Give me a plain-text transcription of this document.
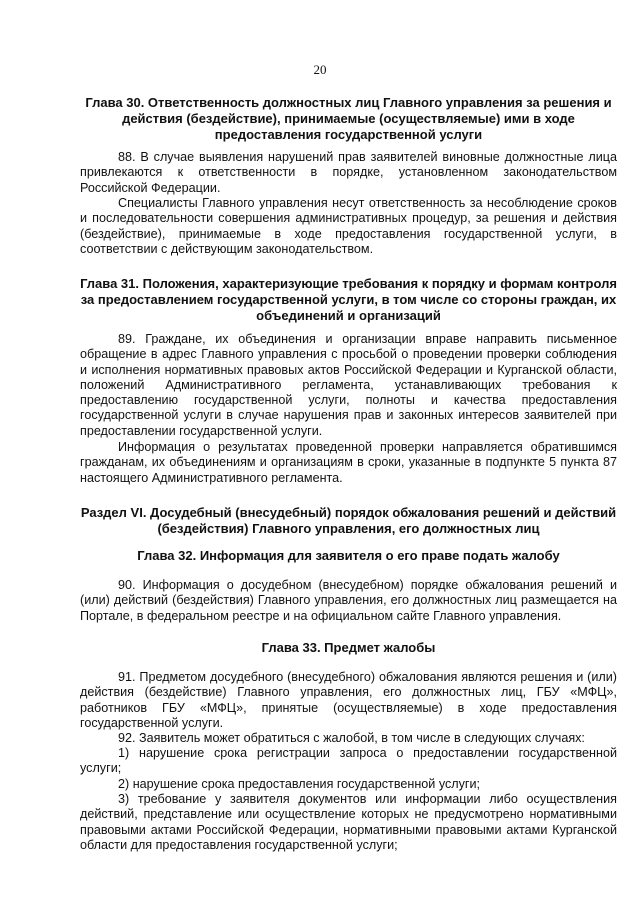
20
Глава 30. Ответственность должностных лиц Главного управления за решения и действия (бездействие), принимаемые (осуществляемые) ими в ходе предоставления государственной услуги
88. В случае выявления нарушений прав заявителей виновные должностные лица привлекаются к ответственности в порядке, установленном законодательством Российской Федерации.
Специалисты Главного управления несут ответственность за несоблюдение сроков и последовательности совершения административных процедур, за решения и действия (бездействие), принимаемые в ходе предоставления государственной услуги, в соответствии с действующим законодательством.
Глава 31. Положения, характеризующие требования к порядку и формам контроля за предоставлением государственной услуги, в том числе со стороны граждан, их объединений и организаций
89. Граждане, их объединения и организации вправе направить письменное обращение в адрес Главного управления с просьбой о проведении проверки соблюдения и исполнения нормативных правовых актов Российской Федерации и Курганской области, положений Административного регламента, устанавливающих требования к предоставлению государственной услуги, полноты и качества предоставления государственной услуги в случае нарушения прав и законных интересов заявителей при предоставлении государственной услуги.
Информация о результатах проведенной проверки направляется обратившимся гражданам, их объединениям и организациям в сроки, указанные в подпункте 5 пункта 87 настоящего Административного регламента.
Раздел VI. Досудебный (внесудебный) порядок обжалования решений и действий (бездействия) Главного управления, его должностных лиц
Глава 32. Информация для заявителя о его праве подать жалобу
90. Информация о досудебном (внесудебном) порядке обжалования решений и (или) действий (бездействия) Главного управления, его должностных лиц размещается на Портале, в федеральном реестре и на официальном сайте Главного управления.
Глава 33. Предмет жалобы
91. Предметом досудебного (внесудебного) обжалования являются решения и (или) действия (бездействие) Главного управления, его должностных лиц, ГБУ «МФЦ», работников ГБУ «МФЦ», принятые (осуществляемые) в ходе предоставления государственной услуги.
92. Заявитель может обратиться с жалобой, в том числе в следующих случаях:
1) нарушение срока регистрации запроса о предоставлении государственной услуги;
2) нарушение срока предоставления государственной услуги;
3) требование у заявителя документов или информации либо осуществления действий, представление или осуществление которых не предусмотрено нормативными правовыми актами Российской Федерации, нормативными правовыми актами Курганской области для предоставления государственной услуги;
